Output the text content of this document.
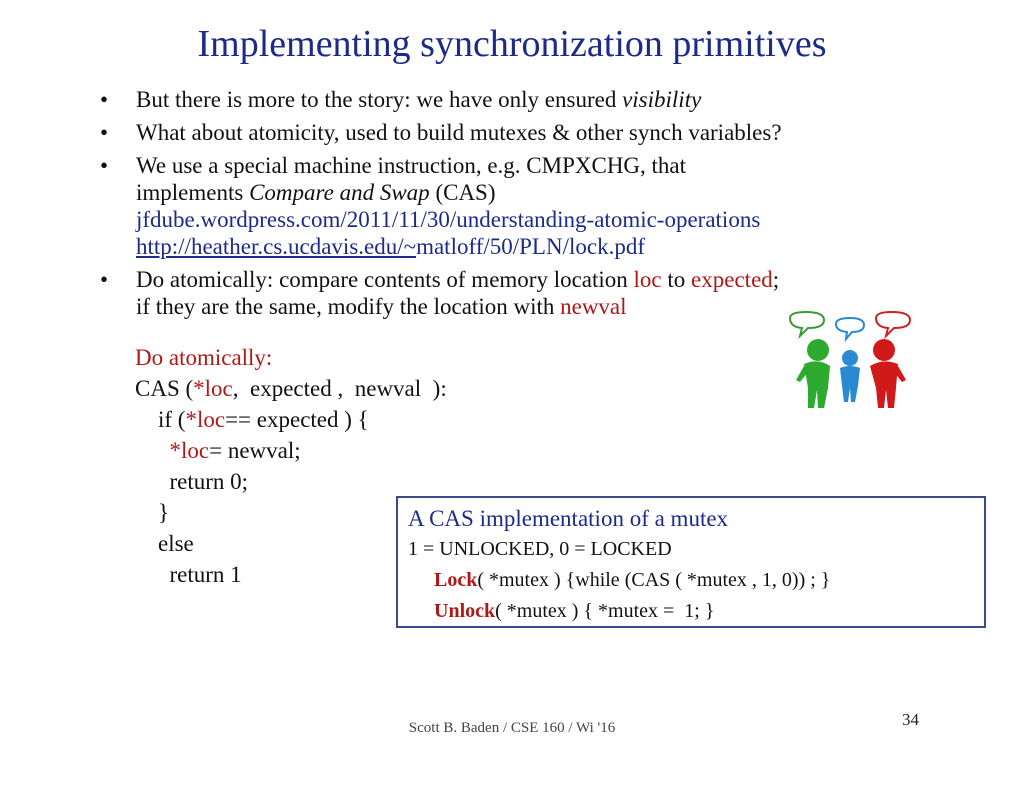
Implementing synchronization primitives
• But there is more to the story: we have only ensured visibility
• What about atomicity, used to build mutexes & other synch variables?
• We use a special machine instruction, e.g. CMPXCHG, that
implements Compare and Swap (CAS)
jfdube.wordpress.com/2011/11/30/understanding-atomic-operations
http://heather.cs.ucdavis.edu/~matloff/50/PLN/lock.pdf
• Do atomically: compare contents of memory location loc to expected;
if they are the same, modify the location with newval
Do atomically:
CAS (*loc,  expected ,  newval  ):
if (*loc== expected ) {
*loc= newval;
return 0;
}
else
return 1
A CAS implementation of a mutex
1 = UNLOCKED, 0 = LOCKED
Lock( *mutex ) {while (CAS ( *mutex , 1, 0)) ; }
Unlock( *mutex ) { *mutex =  1; }
Scott B. Baden / CSE 160 / Wi '16	34
